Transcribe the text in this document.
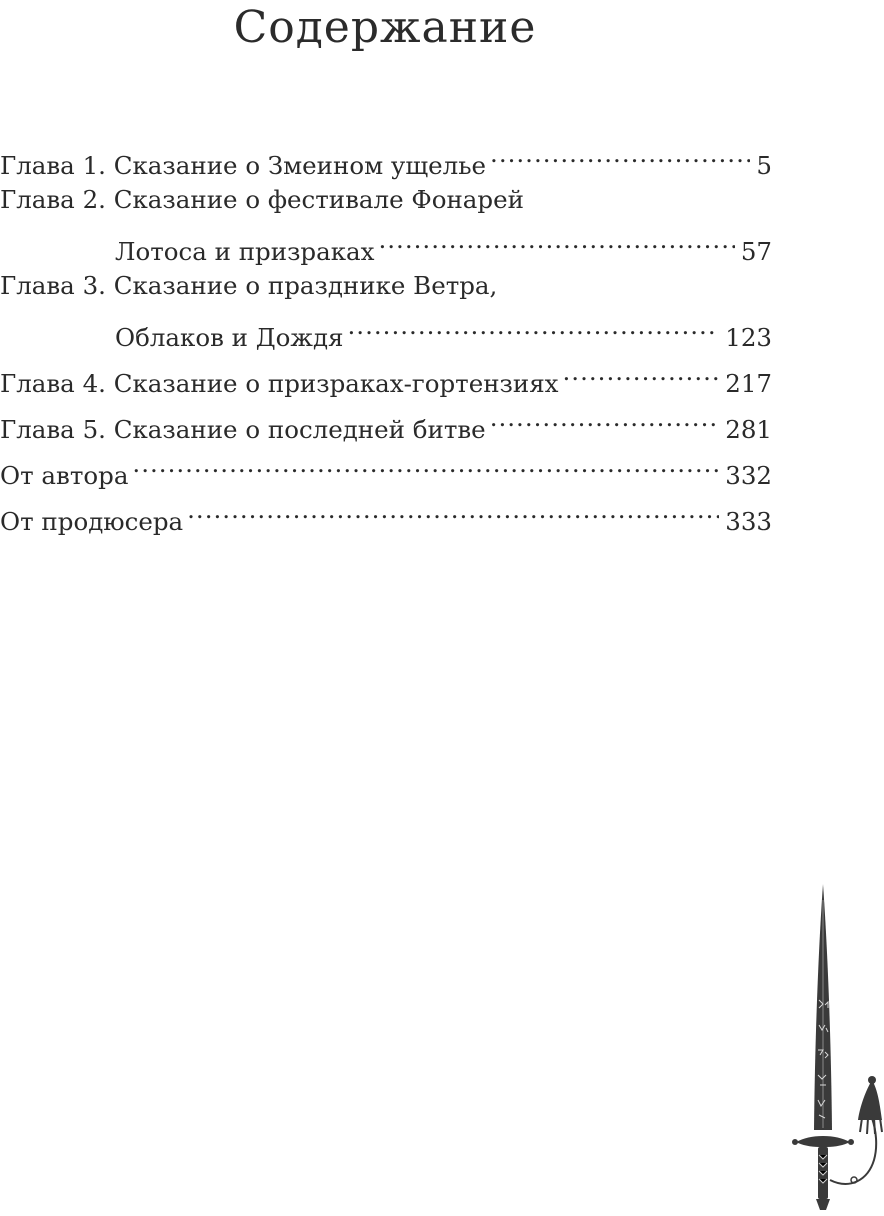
Содержание
Глава 1. Сказание о Змеином ущелье .....	5
Глава 2. Сказание о фестивале Фонарей
Лотоса и призраках .....	57
Глава 3. Сказание о празднике Ветра,
Облаков и Дождя .....	123
Глава 4. Сказание о призраках-гортензиях .....	217
Глава 5. Сказание о последней битве .....	281
От автора .....	332
От продюсера .....	333
